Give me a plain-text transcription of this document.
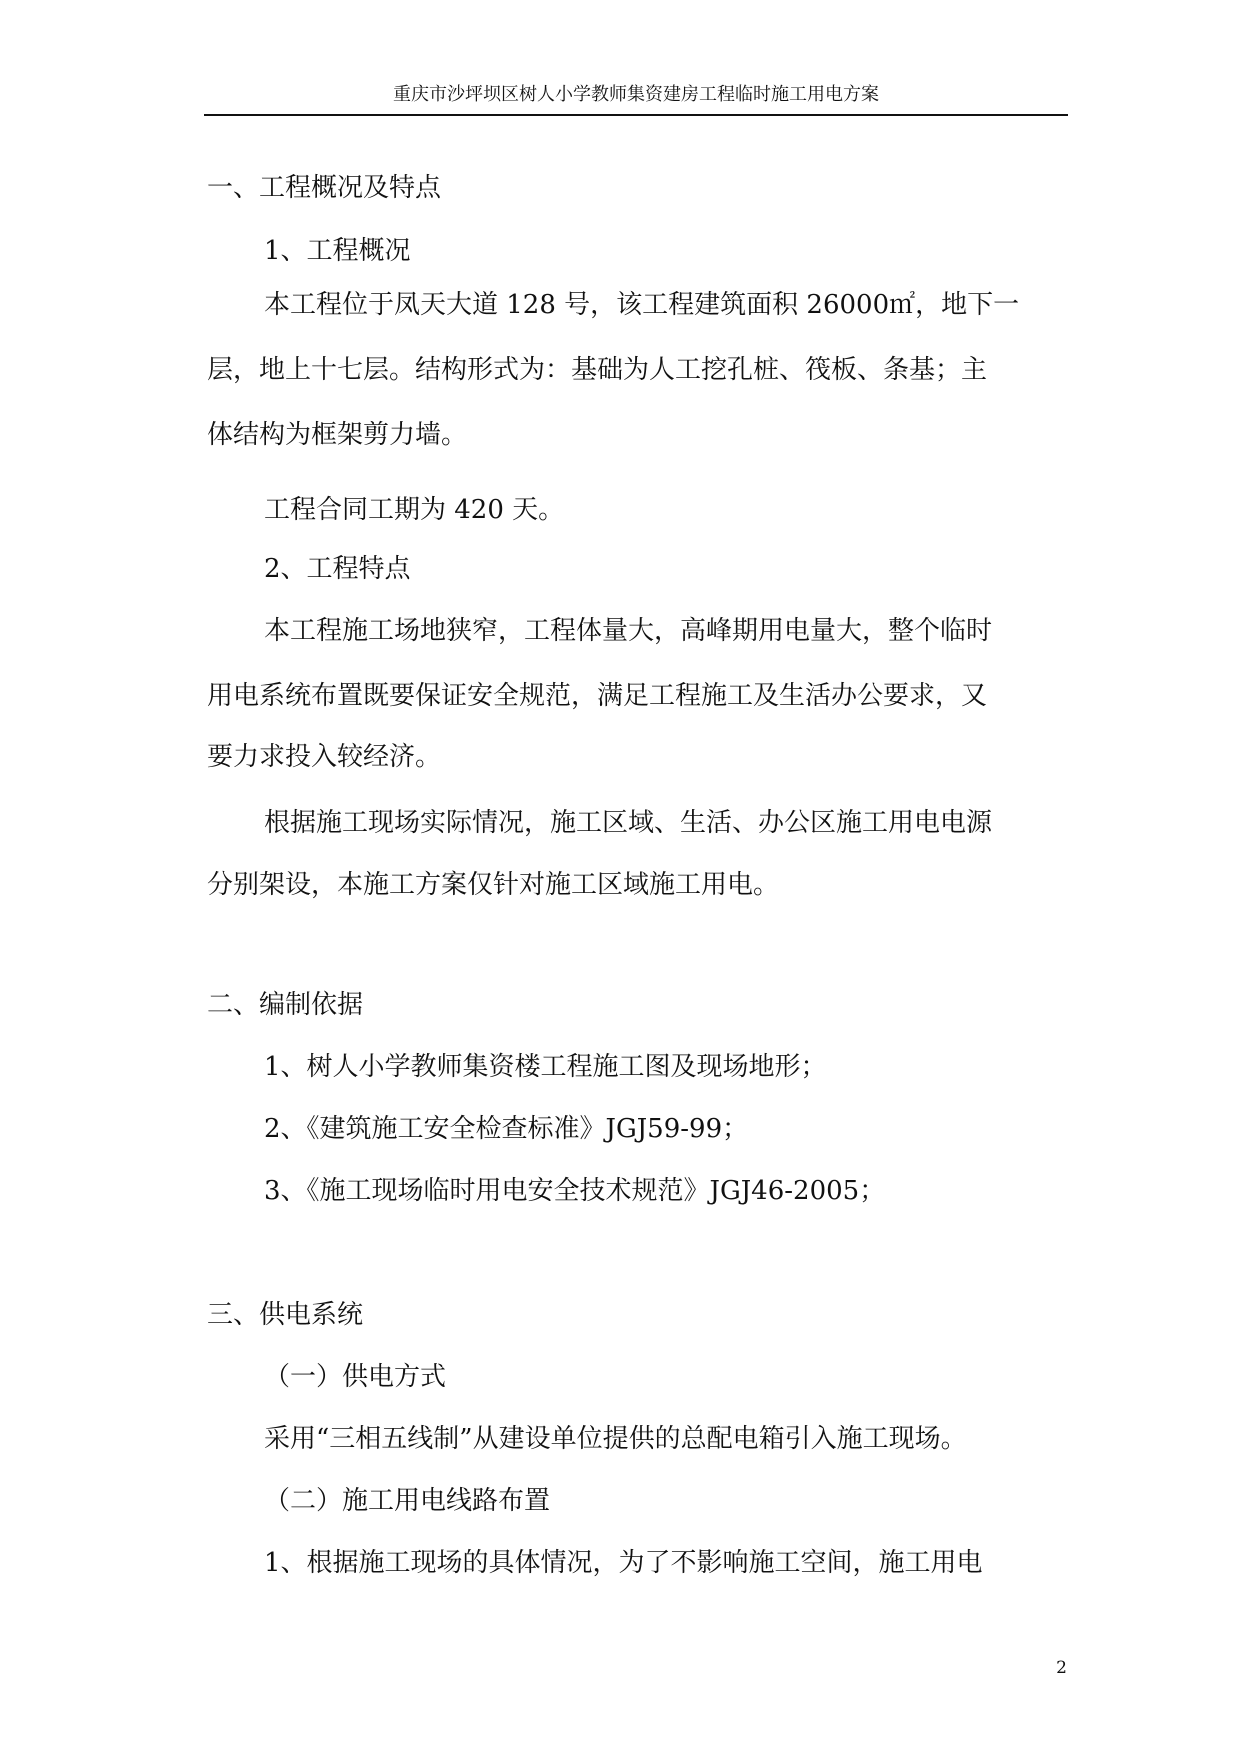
重庆市沙坪坝区树人小学教师集资建房工程临时施工用电方案
一、工程概况及特点
1、工程概况
本工程位于凤天大道 128 号，该工程建筑面积 26000㎡，地下一
层，地上十七层。结构形式为：基础为人工挖孔桩、筏板、条基；主
体结构为框架剪力墙。
工程合同工期为 420 天。
2、工程特点
本工程施工场地狭窄，工程体量大，高峰期用电量大，整个临时
用电系统布置既要保证安全规范，满足工程施工及生活办公要求，又
要力求投入较经济。
根据施工现场实际情况，施工区域、生活、办公区施工用电电源
分别架设，本施工方案仅针对施工区域施工用电。
二、编制依据
1、树人小学教师集资楼工程施工图及现场地形；
2、《建筑施工安全检查标准》JGJ59-99；
3、《施工现场临时用电安全技术规范》JGJ46-2005；
三、供电系统
（一）供电方式
采用“三相五线制”从建设单位提供的总配电箱引入施工现场。
（二）施工用电线路布置
1、根据施工现场的具体情况，为了不影响施工空间，施工用电
2
